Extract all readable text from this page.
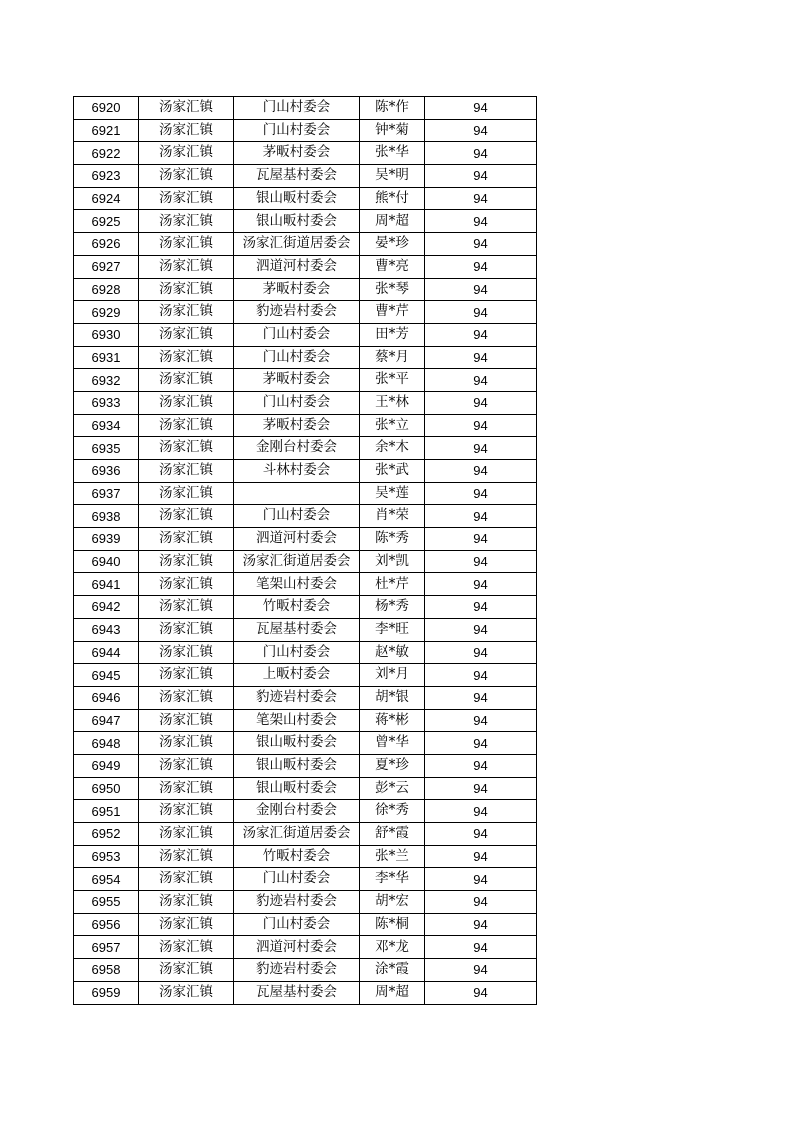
6920	汤家汇镇	门山村委会	陈*作	94
6921	汤家汇镇	门山村委会	钟*菊	94
6922	汤家汇镇	茅畈村委会	张*华	94
6923	汤家汇镇	瓦屋基村委会	吴*明	94
6924	汤家汇镇	银山畈村委会	熊*付	94
6925	汤家汇镇	银山畈村委会	周*超	94
6926	汤家汇镇	汤家汇街道居委会	晏*珍	94
6927	汤家汇镇	泗道河村委会	曹*亮	94
6928	汤家汇镇	茅畈村委会	张*琴	94
6929	汤家汇镇	豹迹岩村委会	曹*芹	94
6930	汤家汇镇	门山村委会	田*芳	94
6931	汤家汇镇	门山村委会	蔡*月	94
6932	汤家汇镇	茅畈村委会	张*平	94
6933	汤家汇镇	门山村委会	王*林	94
6934	汤家汇镇	茅畈村委会	张*立	94
6935	汤家汇镇	金刚台村委会	余*木	94
6936	汤家汇镇	斗林村委会	张*武	94
6937	汤家汇镇		吴*莲	94
6938	汤家汇镇	门山村委会	肖*荣	94
6939	汤家汇镇	泗道河村委会	陈*秀	94
6940	汤家汇镇	汤家汇街道居委会	刘*凯	94
6941	汤家汇镇	笔架山村委会	杜*芹	94
6942	汤家汇镇	竹畈村委会	杨*秀	94
6943	汤家汇镇	瓦屋基村委会	李*旺	94
6944	汤家汇镇	门山村委会	赵*敏	94
6945	汤家汇镇	上畈村委会	刘*月	94
6946	汤家汇镇	豹迹岩村委会	胡*银	94
6947	汤家汇镇	笔架山村委会	蒋*彬	94
6948	汤家汇镇	银山畈村委会	曾*华	94
6949	汤家汇镇	银山畈村委会	夏*珍	94
6950	汤家汇镇	银山畈村委会	彭*云	94
6951	汤家汇镇	金刚台村委会	徐*秀	94
6952	汤家汇镇	汤家汇街道居委会	舒*霞	94
6953	汤家汇镇	竹畈村委会	张*兰	94
6954	汤家汇镇	门山村委会	李*华	94
6955	汤家汇镇	豹迹岩村委会	胡*宏	94
6956	汤家汇镇	门山村委会	陈*桐	94
6957	汤家汇镇	泗道河村委会	邓*龙	94
6958	汤家汇镇	豹迹岩村委会	涂*霞	94
6959	汤家汇镇	瓦屋基村委会	周*超	94
